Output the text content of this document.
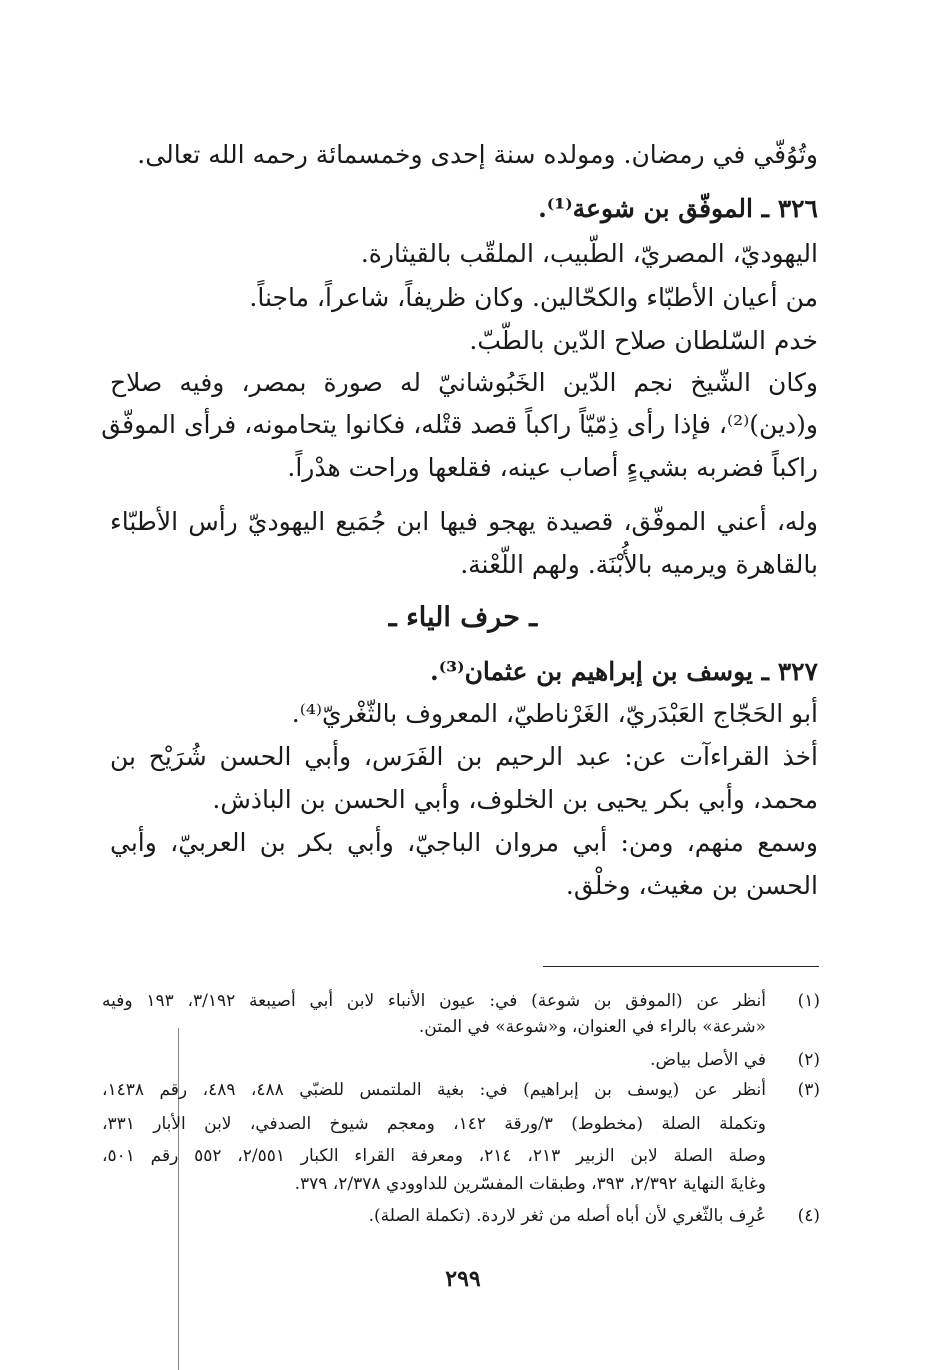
وتُوُفّي في رمضان. ومولده سنة إحدى وخمسمائة رحمه الله تعالى.
٣٢٦ ـ الموفّق بن شوعة⁽¹⁾.
اليهوديّ، المصريّ، الطّبيب، الملقّب بالقيثارة.
من أعيان الأطبّاء والكحّالين. وكان ظريفاً، شاعراً، ماجناً.
خدم السّلطان صلاح الدّين بالطّبّ.
وكان الشّيخ نجم الدّين الخَبُوشانيّ له صورة بمصر، وفيه صلاح
و(دين)⁽²⁾، فإذا رأى ذِمّيّاً راكباً قصد قتْله، فكانوا يتحامونه، فرأى الموفّق
راكباً فضربه بشيءٍ أصاب عينه، فقلعها وراحت هدْراً.
وله، أعني الموفّق، قصيدة يهجو فيها ابن جُمَيع اليهوديّ رأس الأطبّاء
بالقاهرة ويرميه بالأُبْنَة. ولهم اللّعْنة.
ـ حرف الياء ـ
٣٢٧ ـ يوسف بن إبراهيم بن عثمان⁽³⁾.
أبو الحَجّاج العَبْدَريّ، الغَرْناطيّ، المعروف بالثّغْريّ⁽⁴⁾.
أخذ القراءآت عن: عبد الرحيم بن الفَرَس، وأبي الحسن شُرَيْح بن
محمد، وأبي بكر يحيى بن الخلوف، وأبي الحسن بن الباذش.
وسمع منهم، ومن: أبي مروان الباجيّ، وأبي بكر بن العربيّ، وأبي
الحسن بن مغيث، وخلْق.
(١)
أنظر عن (الموفق بن شوعة) في: عيون الأنباء لابن أبي أصيبعة ٣/١٩٢، ١٩٣ وفيه
«شرعة» بالراء في العنوان، و«شوعة» في المتن.
(٢)
في الأصل بياض.
(٣)
أنظر عن (يوسف بن إبراهيم) في: بغية الملتمس للضبّي ٤٨٨، ٤٨٩، رقم ١٤٣٨،
وتكملة الصلة (مخطوط) ٣/ورقة ١٤٢، ومعجم شيوخ الصدفي، لابن الأبار ٣٣١،
وصلة الصلة لابن الزبير ٢١٣، ٢١٤، ومعرفة القراء الكبار ٢/٥٥١، ٥٥٢ رقم ٥٠١،
وغايةَ النهاية ٢/٣٩٢، ٣٩٣، وطبقات المفسّرين للداوودي ٢/٣٧٨، ٣٧٩.
(٤)
عُرِف بالثّغري لأن أباه أصله من ثغر لاردة. (تكملة الصلة).
٢٩٩
